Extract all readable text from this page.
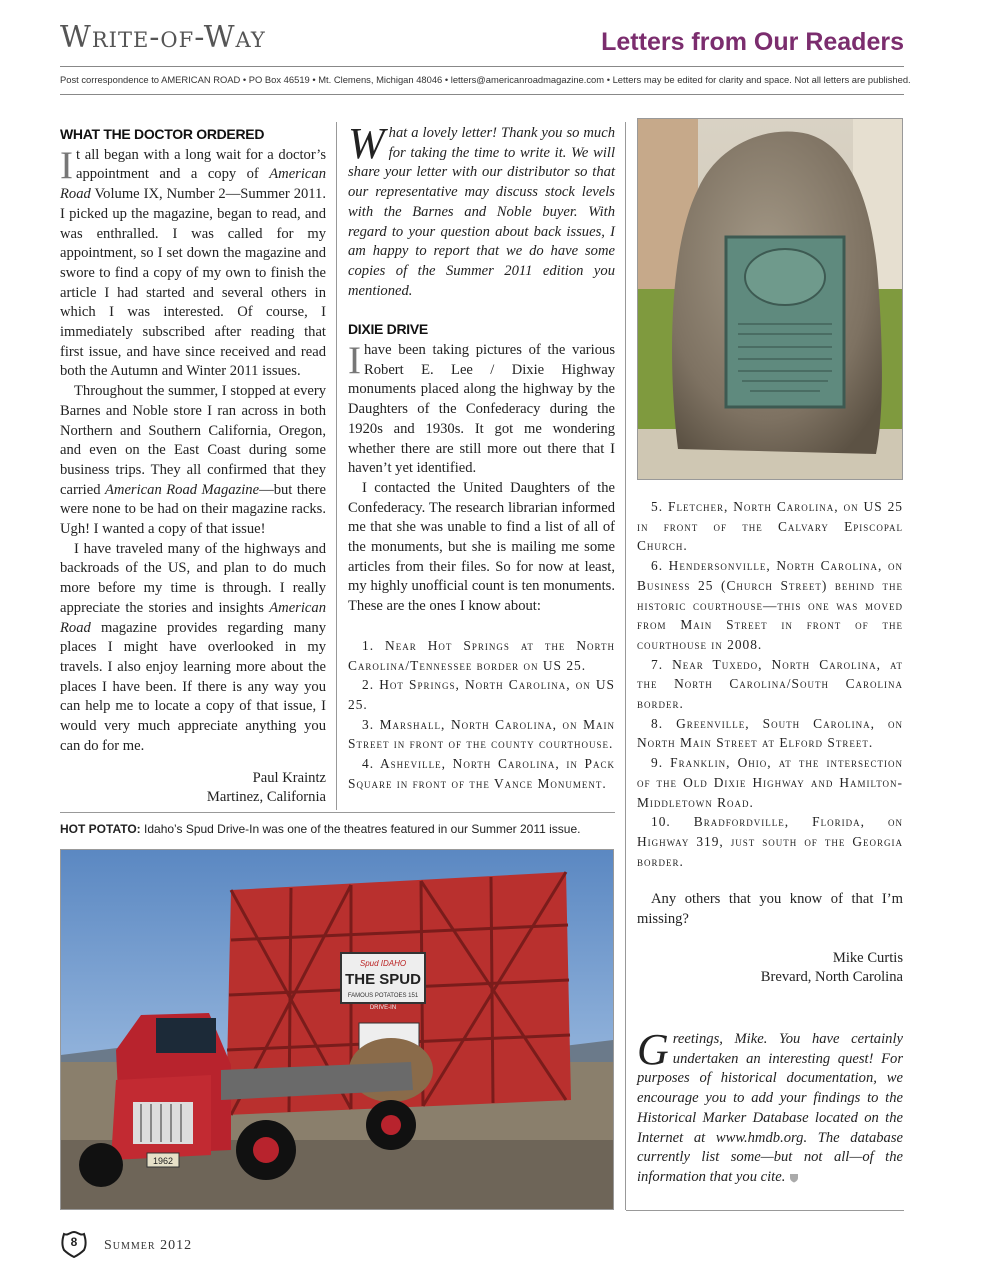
Write-of-Way	Letters from Our Readers
Post correspondence to AMERICAN ROAD • PO Box 46519 • Mt. Clemens, Michigan 48046 • letters@americanroadmagazine.com • Letters may be edited for clarity and space. Not all letters are published.
WHAT THE DOCTOR ORDERED

It all began with a long wait for a doctor’s appointment and a copy of American Road Volume IX, Number 2—Summer 2011. I picked up the magazine, began to read, and was enthralled. I was called for my appointment, so I set down the magazine and swore to find a copy of my own to finish the article I had started and several others in which I was interested. Of course, I immediately subscribed after reading that first issue, and have since received and read both the Autumn and Winter 2011 issues.

Throughout the summer, I stopped at every Barnes and Noble store I ran across in both Northern and Southern California, Oregon, and even on the East Coast during some business trips. They all confirmed that they carried American Road Magazine—but there were none to be had on their magazine racks. Ugh! I wanted a copy of that issue!

I have traveled many of the highways and backroads of the US, and plan to do much more before my time is through. I really appreciate the stories and insights American Road magazine provides regarding many places I might have overlooked in my travels. I also enjoy learning more about the places I have been. If there is any way you can help me to locate a copy of that issue, I would very much appreciate anything you can do for me.

Paul Kraintz

Martinez, California

What a lovely letter! Thank you so much for taking the time to write it. We will share your letter with our distributor so that our representative may discuss stock levels with the Barnes and Noble buyer. With regard to your question about back issues, I am happy to report that we do have some copies of the Summer 2011 edition you mentioned.

DIXIE DRIVE

I have been taking pictures of the various Robert E. Lee / Dixie Highway monuments placed along the highway by the Daughters of the Confederacy during the 1920s and 1930s. It got me wondering whether there are still more out there that I haven’t yet identified.

I contacted the United Daughters of the Confederacy. The research librarian informed me that she was unable to find a list of all of the monuments, but she is mailing me some articles from their files. So for now at least, my highly unofficial count is ten monuments. These are the ones I know about:

1. Near Hot Springs at the North Carolina/Tennessee border on US 25.

2. Hot Springs, North Carolina, on US 25.

3. Marshall, North Carolina, on Main Street in front of the county courthouse.

4. Asheville, North Carolina, in Pack Square in front of the Vance Monument.

5. Fletcher, North Carolina, on US 25 in front of the Calvary Episcopal Church.

6. Hendersonville, North Carolina, on Business 25 (Church Street) behind the historic courthouse—this one was moved from Main Street in front of the courthouse in 2008.

7. Near Tuxedo, North Carolina, at the North Carolina/South Carolina border.

8. Greenville, South Carolina, on North Main Street at Elford Street.

9. Franklin, Ohio, at the intersection of the Old Dixie Highway and Hamilton-Middletown Road.

10. Bradfordville, Florida, on Highway 319, just south of the Georgia border.

Any others that you know of that I’m missing?

Mike Curtis

Brevard, North Carolina

Greetings, Mike. You have certainly undertaken an interesting quest! For purposes of historical documentation, we encourage you to add your findings to the Historical Marker Database located on the Internet at www.hmdb.org. The database currently list some—but not all—of the information that you cite.

HOT POTATO: Idaho’s Spud Drive-In was one of the theatres featured in our Summer 2011 issue.
Spud IDAHO
THE SPUD
FAMOUS POTATOES 151
DRIVE-IN
1962
8	Summer 2012
